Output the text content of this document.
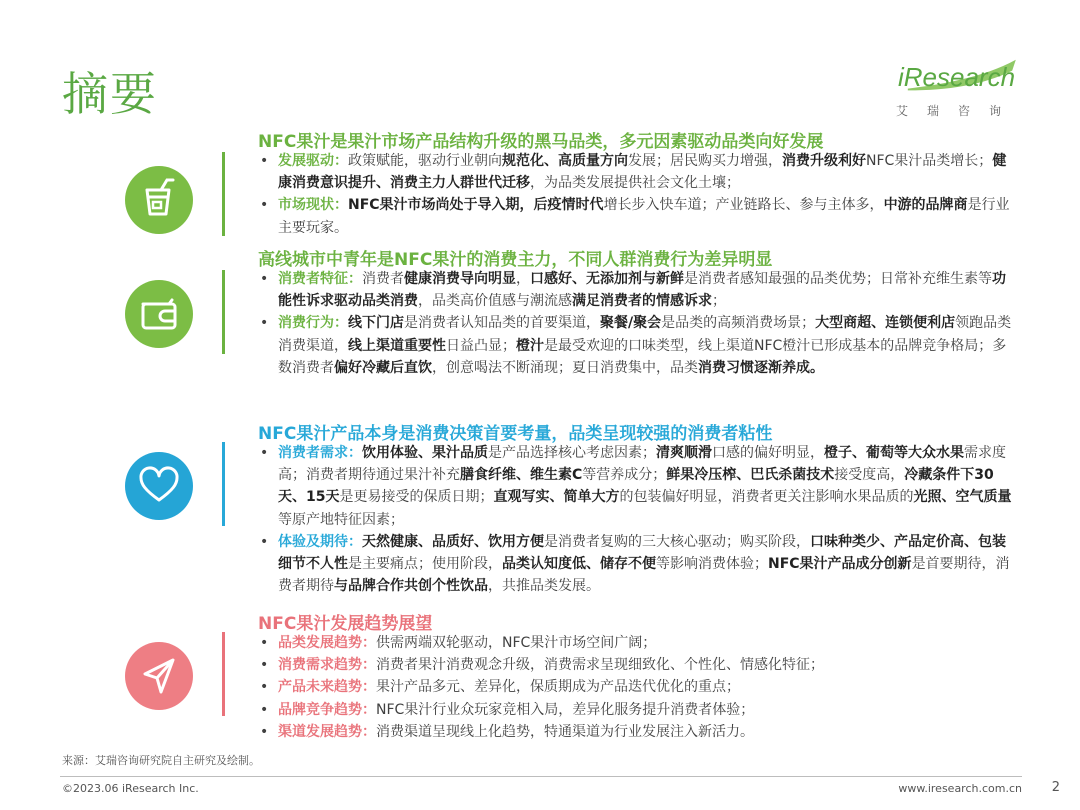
摘要	iResearch
艾瑞咨询
NFC果汁是果汁市场产品结构升级的黑马品类，多元因素驱动品类向好发展
• 发展驱动：政策赋能，驱动行业朝向规范化、高质量方向发展；居民购买力增强，消费升级利好NFC果汁品类增长；健康消费意识提升、消费主力人群世代迁移，为品类发展提供社会文化土壤；
• 市场现状：NFC果汁市场尚处于导入期，后疫情时代增长步入快车道；产业链路长、参与主体多，中游的品牌商是行业主要玩家。
高线城市中青年是NFC果汁的消费主力，不同人群消费行为差异明显
• 消费者特征：消费者健康消费导向明显，口感好、无添加剂与新鲜是消费者感知最强的品类优势；日常补充维生素等功能性诉求驱动品类消费，品类高价值感与潮流感满足消费者的情感诉求；
• 消费行为：线下门店是消费者认知品类的首要渠道，聚餐/聚会是品类的高频消费场景；大型商超、连锁便利店领跑品类消费渠道，线上渠道重要性日益凸显；橙汁是最受欢迎的口味类型，线上渠道NFC橙汁已形成基本的品牌竞争格局；多数消费者偏好冷藏后直饮，创意喝法不断涌现；夏日消费集中，品类消费习惯逐渐养成。
NFC果汁产品本身是消费决策首要考量，品类呈现较强的消费者粘性
• 消费者需求：饮用体验、果汁品质是产品选择核心考虑因素；清爽顺滑口感的偏好明显，橙子、葡萄等大众水果需求度高；消费者期待通过果汁补充膳食纤维、维生素C等营养成分；鲜果冷压榨、巴氏杀菌技术接受度高，冷藏条件下30天、15天是更易接受的保质日期；直观写实、简单大方的包装偏好明显，消费者更关注影响水果品质的光照、空气质量等原产地特征因素；
• 体验及期待：天然健康、品质好、饮用方便是消费者复购的三大核心驱动；购买阶段，口味种类少、产品定价高、包装细节不人性是主要痛点；使用阶段，品类认知度低、储存不便等影响消费体验；NFC果汁产品成分创新是首要期待，消费者期待与品牌合作共创个性饮品，共推品类发展。
NFC果汁发展趋势展望
• 品类发展趋势：供需两端双轮驱动，NFC果汁市场空间广阔；
• 消费需求趋势：消费者果汁消费观念升级，消费需求呈现细致化、个性化、情感化特征；
• 产品未来趋势：果汁产品多元、差异化，保质期成为产品迭代优化的重点；
• 品牌竞争趋势：NFC果汁行业众玩家竞相入局，差异化服务提升消费者体验；
• 渠道发展趋势：消费渠道呈现线上化趋势，特通渠道为行业发展注入新活力。
来源：艾瑞咨询研究院自主研究及绘制。
©2023.06 iResearch Inc.	www.iresearch.com.cn 2
